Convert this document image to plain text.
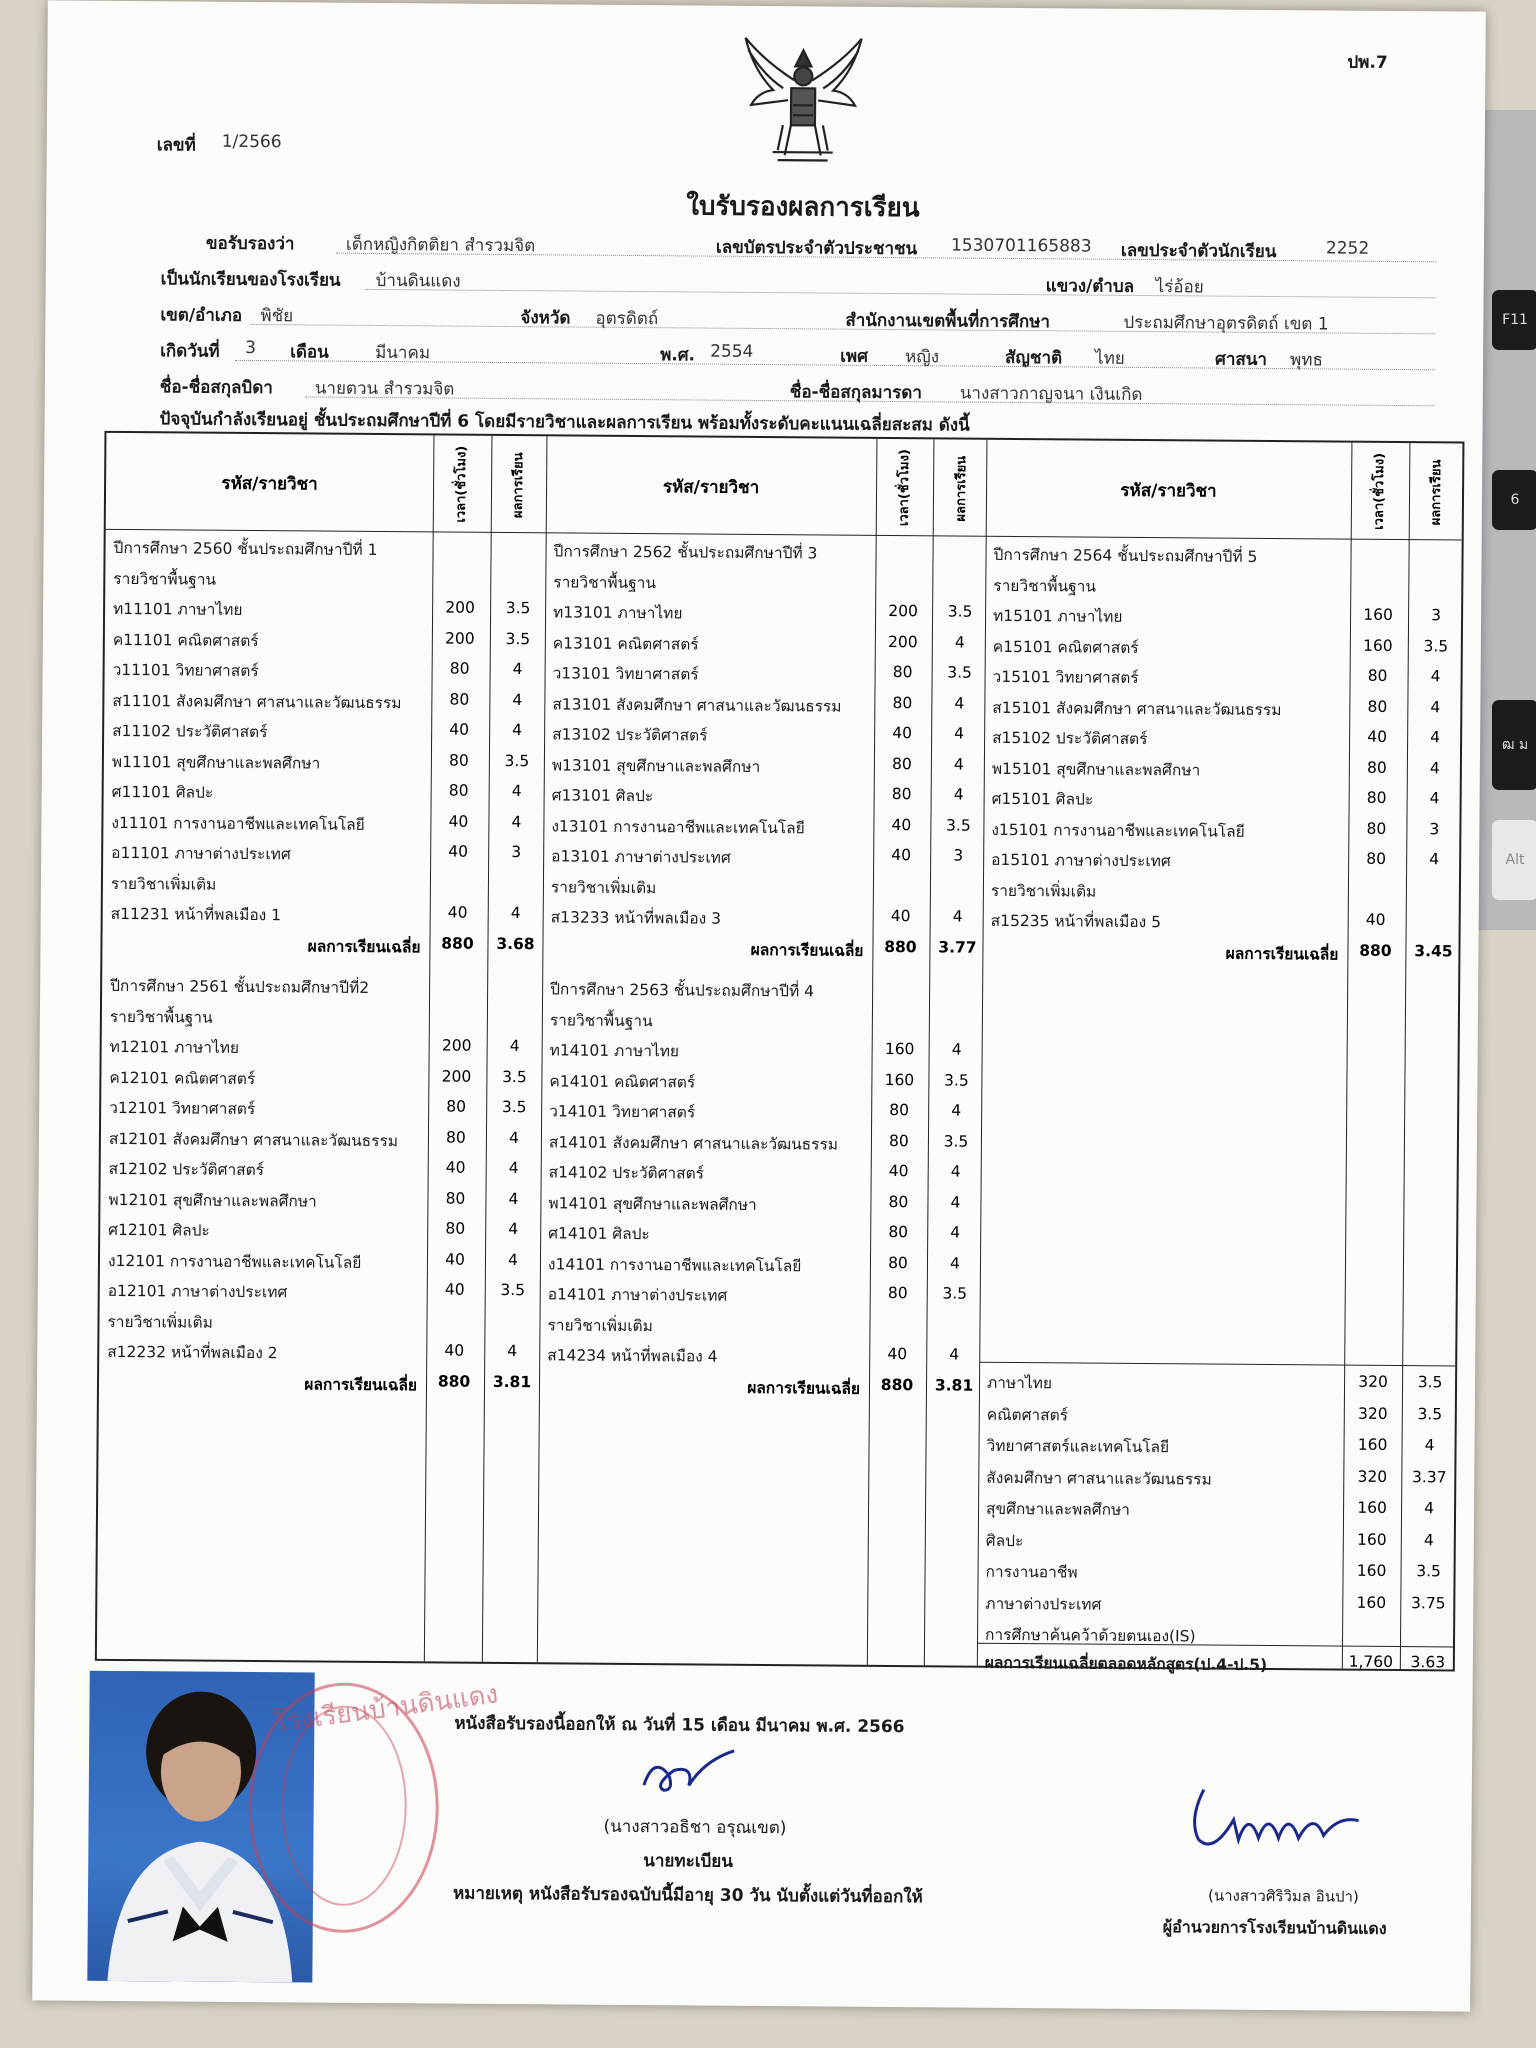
F11
6
ฒ
ม
Alt
ปพ.7
เลขที่ 1/2566
ใบรับรองผลการเรียน
ขอรับรองว่า	เด็กหญิงกิตติยา สำรวมจิต	เลขบัตรประจำตัวประชาชน 1530701165883 เลขประจำตัวนักเรียน	2252
เป็นนักเรียนของโรงเรียน บ้านดินแดง	แขวง/ตำบล ไร่อ้อย
เขต/อำเภอ พิชัย	จังหวัด อุตรดิตถ์	สำนักงานเขตพื้นที่การศึกษา	ประถมศึกษาอุตรดิตถ์ เขต 1
เกิดวันที่ 3 เดือน	มีนาคม	พ.ศ. 2554	เพศ หญิง	สัญชาติ ไทย	ศาสนา พุทธ
ชื่อ-ชื่อสกุลบิดา นายตวน สำรวมจิต	ชื่อ-ชื่อสกุลมารดา นางสาวกาญจนา เงินเกิด
ปัจจุบันกำลังเรียนอยู่ ชั้นประถมศึกษาปีที่ 6 โดยมีรายวิชาและผลการเรียน พร้อมทั้งระดับคะแนนเฉลี่ยสะสม ดังนี้
รหัส/รายวิชา	เวลา(ชั่วโมง)	ผลการเรียน	รหัส/รายวิชา	เวลา(ชั่วโมง)	ผลการเรียน	รหัส/รายวิชา	เวลา(ชั่วโมง)	ผลการเรียน
ปีการศึกษา 2560 ชั้นประถมศึกษาปีที่ 1
รายวิชาพื้นฐาน
ท11101 ภาษาไทย	200	3.5
ค11101 คณิตศาสตร์	200	3.5
ว11101 วิทยาศาสตร์	80	4
ส11101 สังคมศึกษา ศาสนาและวัฒนธรรม	80	4
ส11102 ประวัติศาสตร์	40	4
พ11101 สุขศึกษาและพลศึกษา	80	3.5
ศ11101 ศิลปะ	80	4
ง11101 การงานอาชีพและเทคโนโลยี	40	4
อ11101 ภาษาต่างประเทศ	40	3
รายวิชาเพิ่มเติม
ส11231 หน้าที่พลเมือง 1	40	4
ผลการเรียนเฉลี่ย	880	3.68
ปีการศึกษา 2561 ชั้นประถมศึกษาปีที่2
รายวิชาพื้นฐาน
ท12101 ภาษาไทย	200	4
ค12101 คณิตศาสตร์	200	3.5
ว12101 วิทยาศาสตร์	80	3.5
ส12101 สังคมศึกษา ศาสนาและวัฒนธรรม	80	4
ส12102 ประวัติศาสตร์	40	4
พ12101 สุขศึกษาและพลศึกษา	80	4
ศ12101 ศิลปะ	80	4
ง12101 การงานอาชีพและเทคโนโลยี	40	4
อ12101 ภาษาต่างประเทศ	40	3.5
รายวิชาเพิ่มเติม
ส12232 หน้าที่พลเมือง 2	40	4
ผลการเรียนเฉลี่ย	880	3.81
ปีการศึกษา 2562 ชั้นประถมศึกษาปีที่ 3
รายวิชาพื้นฐาน
ท13101 ภาษาไทย	200	3.5
ค13101 คณิตศาสตร์	200	4
ว13101 วิทยาศาสตร์	80	3.5
ส13101 สังคมศึกษา ศาสนาและวัฒนธรรม	80	4
ส13102 ประวัติศาสตร์	40	4
พ13101 สุขศึกษาและพลศึกษา	80	4
ศ13101 ศิลปะ	80	4
ง13101 การงานอาชีพและเทคโนโลยี	40	3.5
อ13101 ภาษาต่างประเทศ	40	3
รายวิชาเพิ่มเติม
ส13233 หน้าที่พลเมือง 3	40	4
ผลการเรียนเฉลี่ย	880	3.77
ปีการศึกษา 2563 ชั้นประถมศึกษาปีที่ 4
รายวิชาพื้นฐาน
ท14101 ภาษาไทย	160	4
ค14101 คณิตศาสตร์	160	3.5
ว14101 วิทยาศาสตร์	80	4
ส14101 สังคมศึกษา ศาสนาและวัฒนธรรม	80	3.5
ส14102 ประวัติศาสตร์	40	4
พ14101 สุขศึกษาและพลศึกษา	80	4
ศ14101 ศิลปะ	80	4
ง14101 การงานอาชีพและเทคโนโลยี	80	4
อ14101 ภาษาต่างประเทศ	80	3.5
รายวิชาเพิ่มเติม
ส14234 หน้าที่พลเมือง 4	40	4
ผลการเรียนเฉลี่ย	880	3.81
ปีการศึกษา 2564 ชั้นประถมศึกษาปีที่ 5
รายวิชาพื้นฐาน
ท15101 ภาษาไทย	160	3
ค15101 คณิตศาสตร์	160	3.5
ว15101 วิทยาศาสตร์	80	4
ส15101 สังคมศึกษา ศาสนาและวัฒนธรรม	80	4
ส15102 ประวัติศาสตร์	40	4
พ15101 สุขศึกษาและพลศึกษา	80	4
ศ15101 ศิลปะ	80	4
ง15101 การงานอาชีพและเทคโนโลยี	80	3
อ15101 ภาษาต่างประเทศ	80	4
รายวิชาเพิ่มเติม
ส15235 หน้าที่พลเมือง 5	40
ผลการเรียนเฉลี่ย	880	3.45
ภาษาไทย	320	3.5
คณิตศาสตร์	320	3.5
วิทยาศาสตร์และเทคโนโลยี	160	4
สังคมศึกษา ศาสนาและวัฒนธรรม	320	3.37
สุขศึกษาและพลศึกษา	160	4
ศิลปะ	160	4
การงานอาชีพ	160	3.5
ภาษาต่างประเทศ	160	3.75
การศึกษาค้นคว้าด้วยตนเอง(IS)
ผลการเรียนเฉลี่ยตลอดหลักสูตร(ป.4-ป.5)	1,760	3.63
โรงเรียนบ้านดินแดง
หนังสือรับรองนี้ออกให้ ณ วันที่ 15 เดือน มีนาคม พ.ศ. 2566
(นางสาวอธิชา อรุณเขต)
นายทะเบียน
หมายเหตุ หนังสือรับรองฉบับนี้มีอายุ 30 วัน นับตั้งแต่วันที่ออกให้	(นางสาวศิริวิมล อินปา)
ผู้อำนวยการโรงเรียนบ้านดินแดง
